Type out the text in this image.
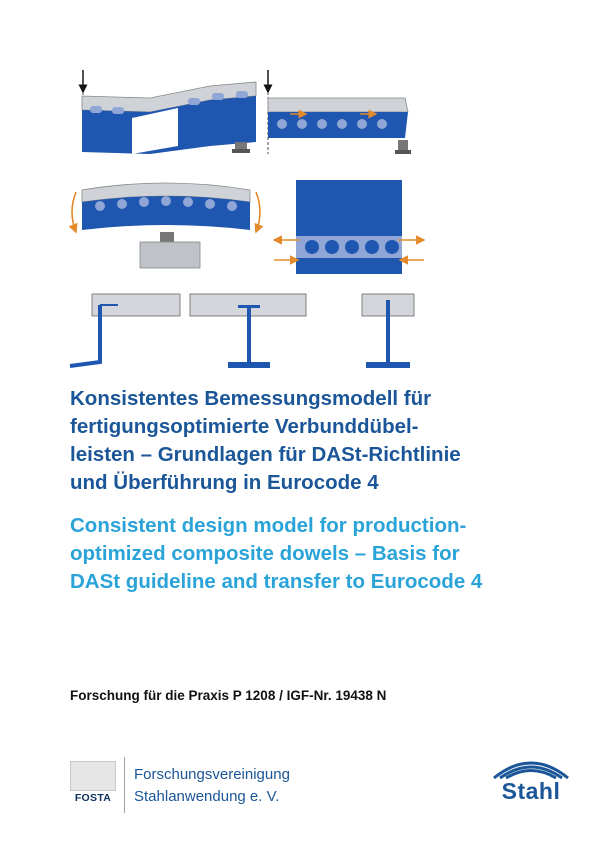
Konsistentes Bemessungsmodell für
fertigungsoptimierte Verbunddübel-
leisten – Grundlagen für DASt-Richtlinie
und Überführung in Eurocode 4
Consistent design model for production-
optimized composite dowels – Basis for
DASt guideline and transfer to Eurocode 4

Forschung für die Praxis P 1208 / IGF-Nr. 19438 N

FOSTA

Forschungsvereinigung
Stahlanwendung e. V.	Stahl
